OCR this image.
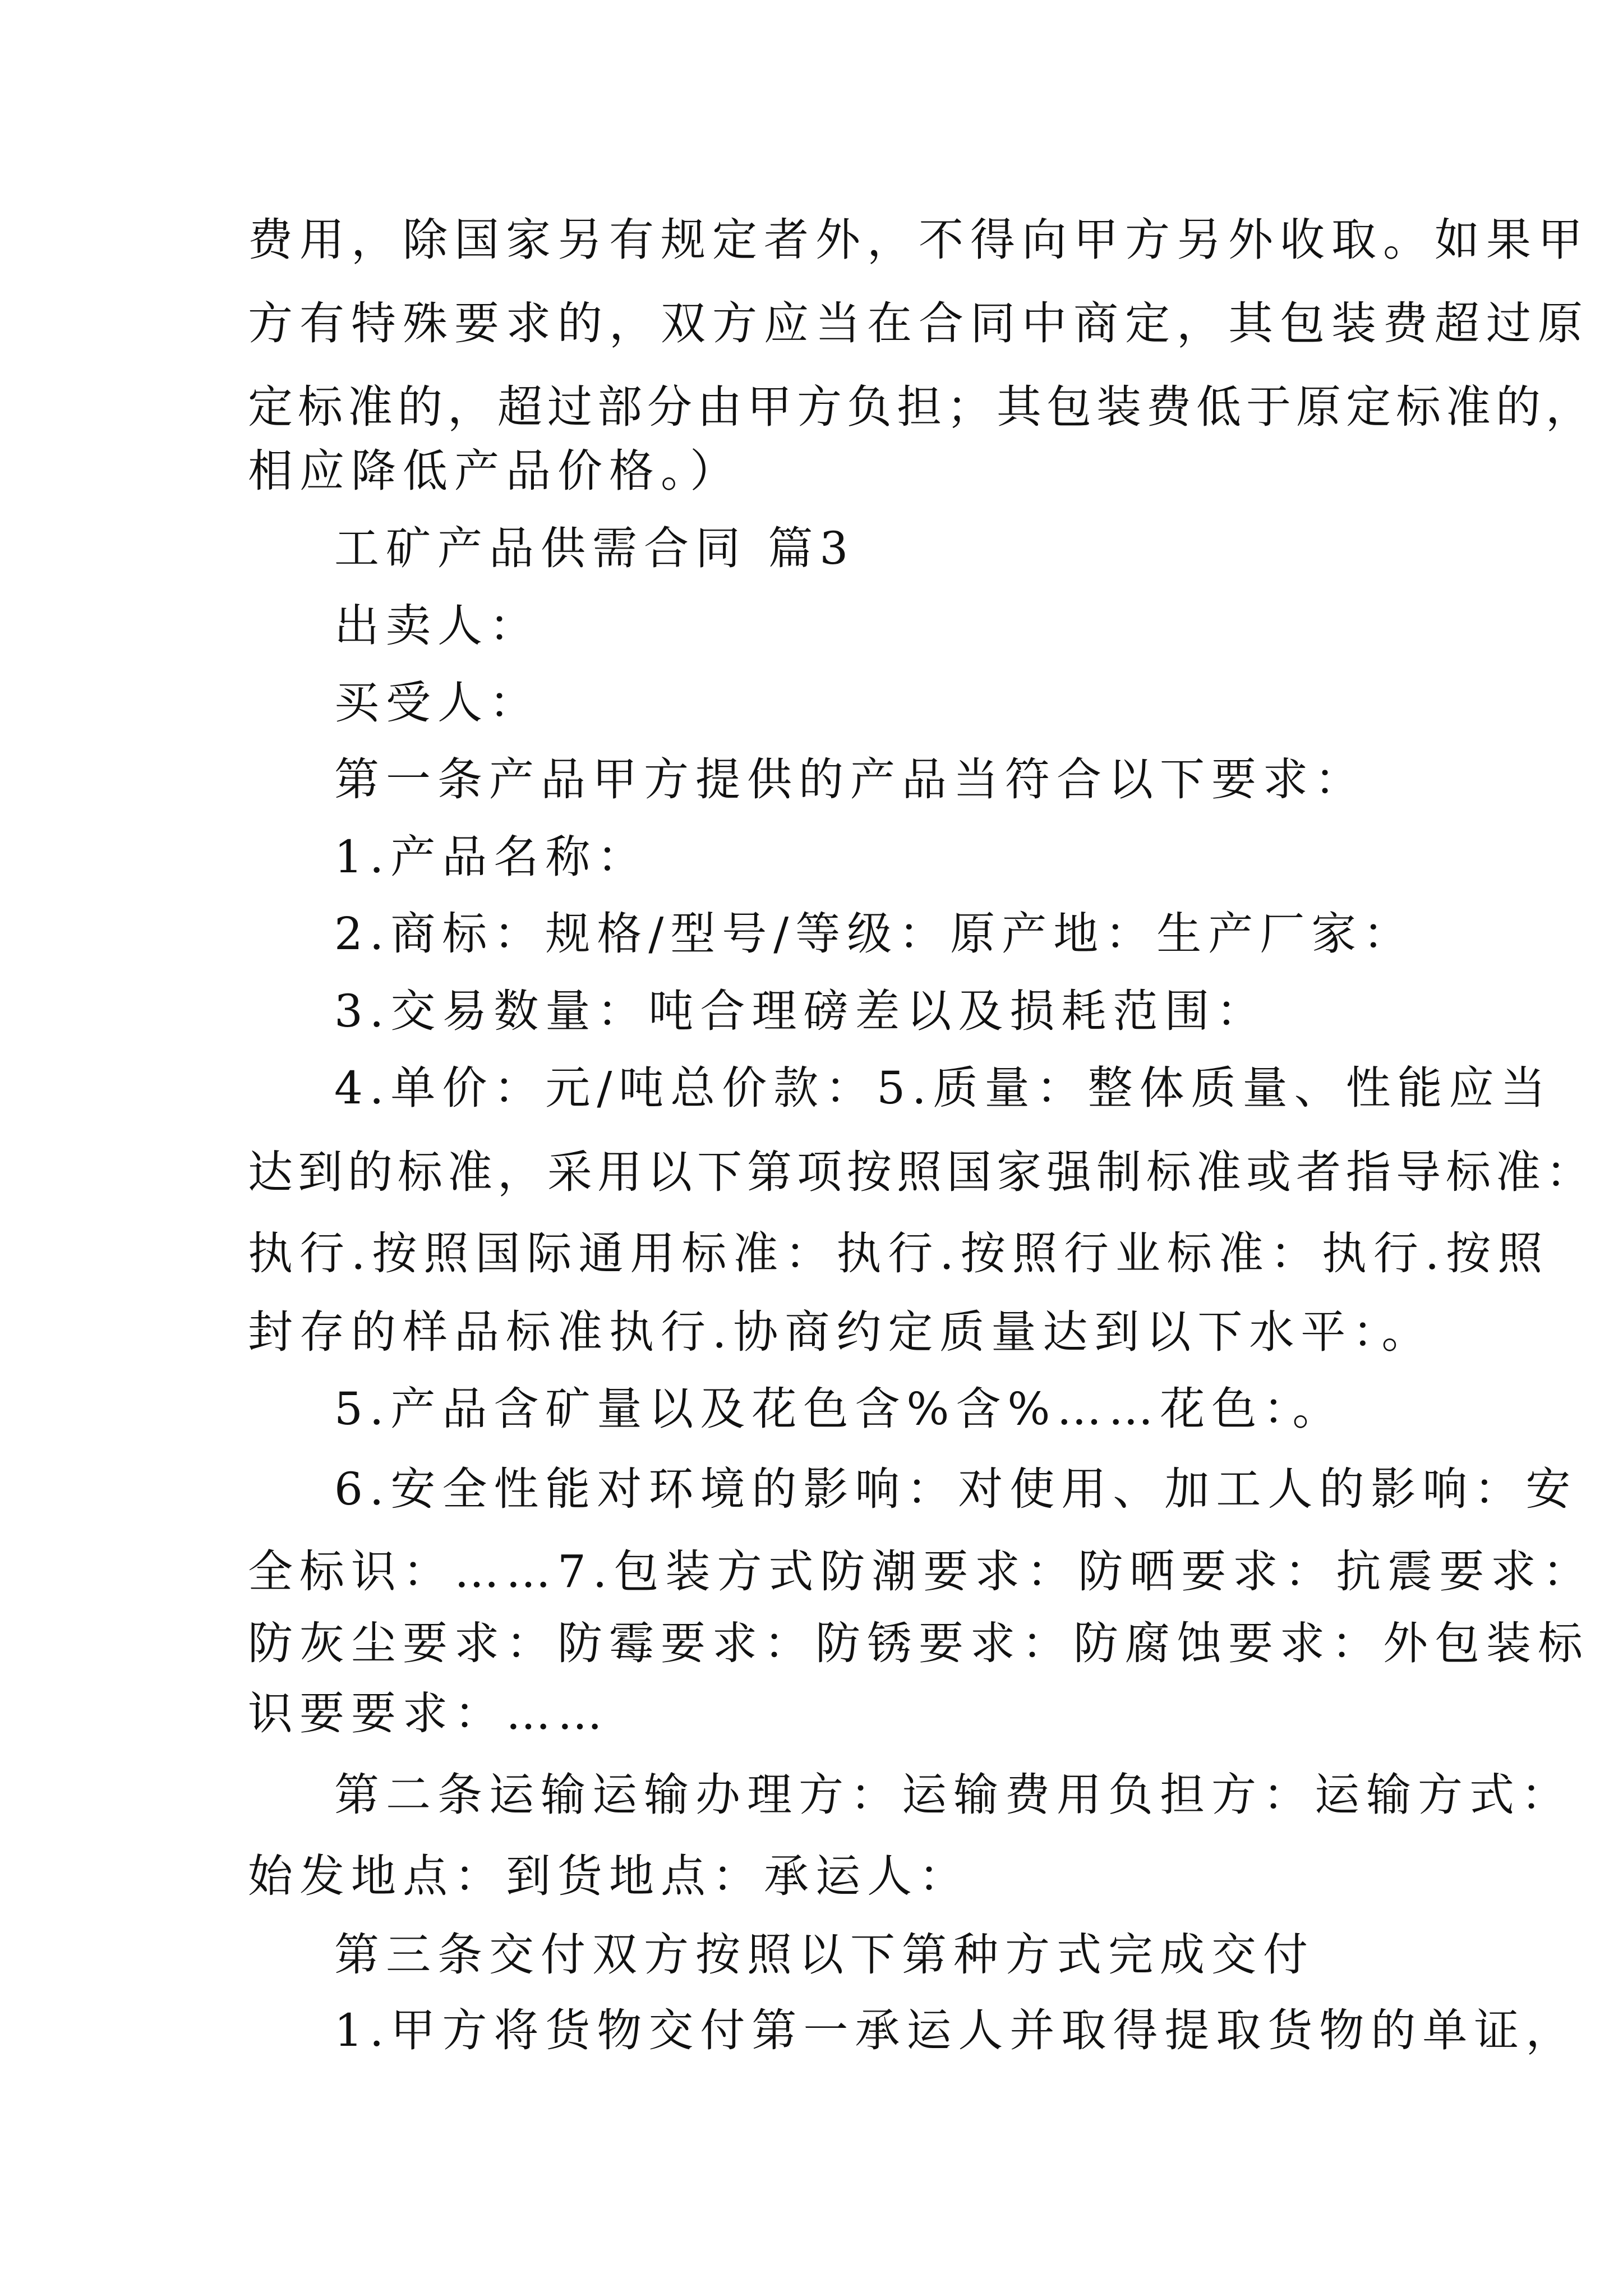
费用，除国家另有规定者外，不得向甲方另外收取。如果甲
方有特殊要求的，双方应当在合同中商定，其包装费超过原
定标准的，超过部分由甲方负担；其包装费低于原定标准的，
相应降低产品价格。）
工矿产品供需合同 篇3
出卖人：
买受人：
第一条产品甲方提供的产品当符合以下要求：
1.产品名称：
2.商标：规格/型号/等级：原产地：生产厂家：
3.交易数量：吨合理磅差以及损耗范围：
4.单价：元/吨总价款：5.质量：整体质量、性能应当
达到的标准，采用以下第项按照国家强制标准或者指导标准：
执行.按照国际通用标准：执行.按照行业标准：执行.按照
封存的样品标准执行.协商约定质量达到以下水平：。
5.产品含矿量以及花色含%含%……花色：。
6.安全性能对环境的影响：对使用、加工人的影响：安
全标识：……7.包装方式防潮要求：防晒要求：抗震要求：
防灰尘要求：防霉要求：防锈要求：防腐蚀要求：外包装标
识要要求：……
第二条运输运输办理方：运输费用负担方：运输方式：
始发地点：到货地点：承运人：
第三条交付双方按照以下第种方式完成交付
1.甲方将货物交付第一承运人并取得提取货物的单证，
